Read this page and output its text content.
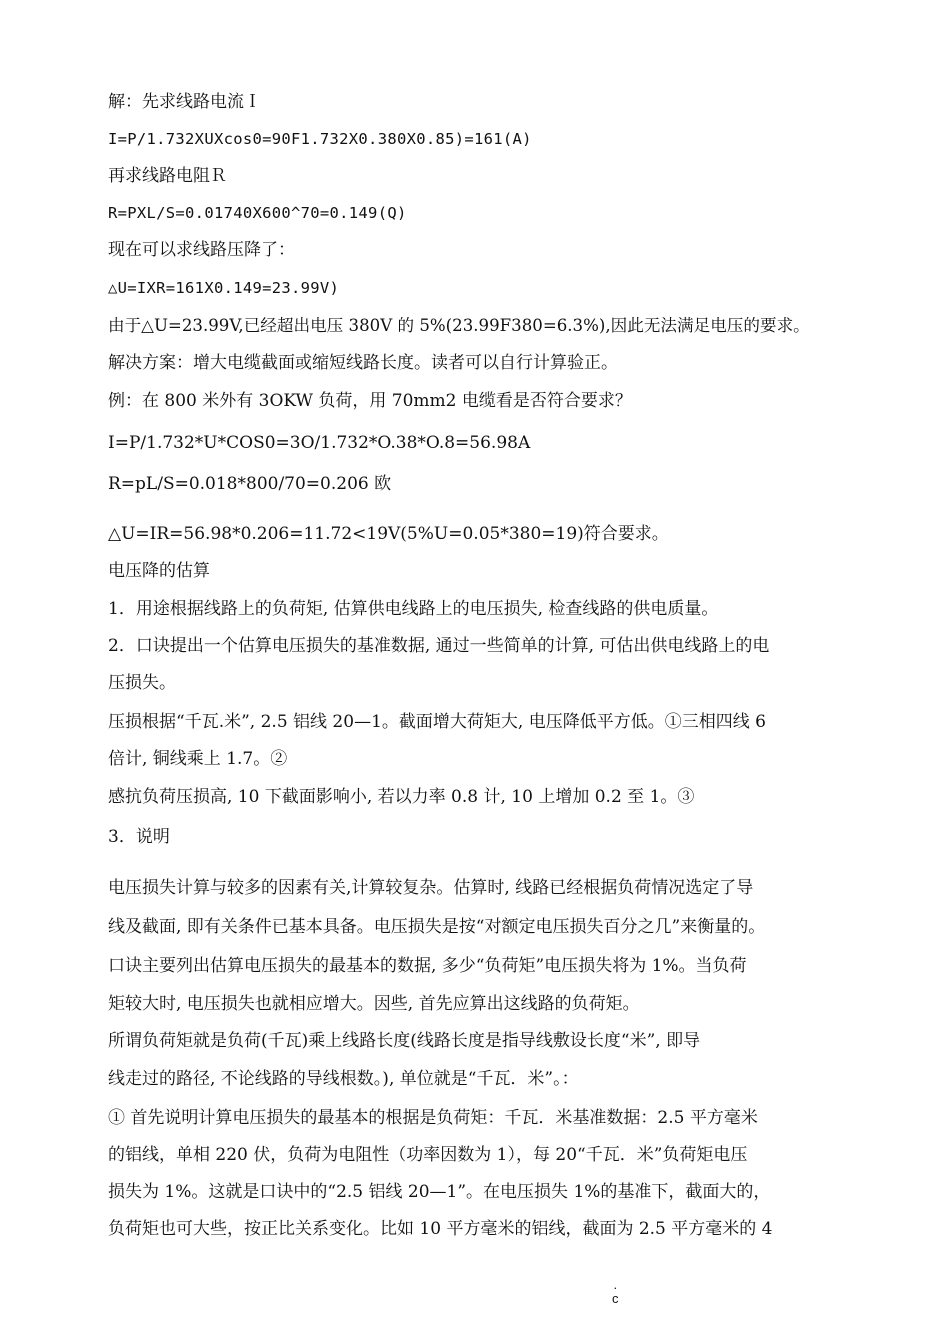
解：先求线路电流Ｉ
I=P/1.732XUXcos0=90F1.732X0.380X0.85)=161(A)
再求线路电阻Ｒ
R=PXL/S=0.01740X600^70=0.149(Q)
现在可以求线路压降了：
△U=IXR=161X0.149=23.99V)
由于△U=23.99V,已经超出电压 380V 的 5%(23.99F380=6.3%),因此无法满足电压的要求。
解决方案：增大电缆截面或缩短线路长度。读者可以自行计算验正。
例：在 800 米外有 3OKW 负荷，用 70mm2 电缆看是否符合要求？
I=P/1.732*U*COS0=3O/1.732*O.38*O.8=56.98A
R=pL/S=0.018*800/70=0.206 欧
△U=IR=56.98*0.206=11.72<19V(5%U=0.05*380=19)符合要求。
电压降的估算
1．用途根据线路上的负荷矩, 估算供电线路上的电压损失, 检查线路的供电质量。
2．口诀提出一个估算电压损失的基准数据, 通过一些简单的计算, 可估出供电线路上的电
压损失。
压损根据“千瓦.米”, 2.5 铝线 20—1。截面增大荷矩大, 电压降低平方低。①三相四线 6
倍计, 铜线乘上 1.7。②
感抗负荷压损高, 10 下截面影响小, 若以力率 0.8 计, 10 上增加 0.2 至 1。③
3．说明
电压损失计算与较多的因素有关,计算较复杂。估算时, 线路已经根据负荷情况选定了导
线及截面, 即有关条件已基本具备。电压损失是按“对额定电压损失百分之几”来衡量的。
口诀主要列出估算电压损失的最基本的数据, 多少“负荷矩”电压损失将为 1%。当负荷
矩较大时, 电压损失也就相应增大。因些, 首先应算出这线路的负荷矩。
所谓负荷矩就是负荷(千瓦)乘上线路长度(线路长度是指导线敷设长度“米”, 即导
线走过的路径, 不论线路的导线根数。), 单位就是“千瓦．米”。：
① 首先说明计算电压损失的最基本的根据是负荷矩：千瓦．米基准数据：2.5 平方毫米
的铝线，单相 220 伏，负荷为电阻性（功率因数为 1），每 20“千瓦．米”负荷矩电压
损失为 1%。这就是口诀中的“2.5 铝线 20—1”。在电压损失 1%的基准下，截面大的，
负荷矩也可大些，按正比关系变化。比如 10 平方毫米的铝线，截面为 2.5 平方毫米的 4
.
c
